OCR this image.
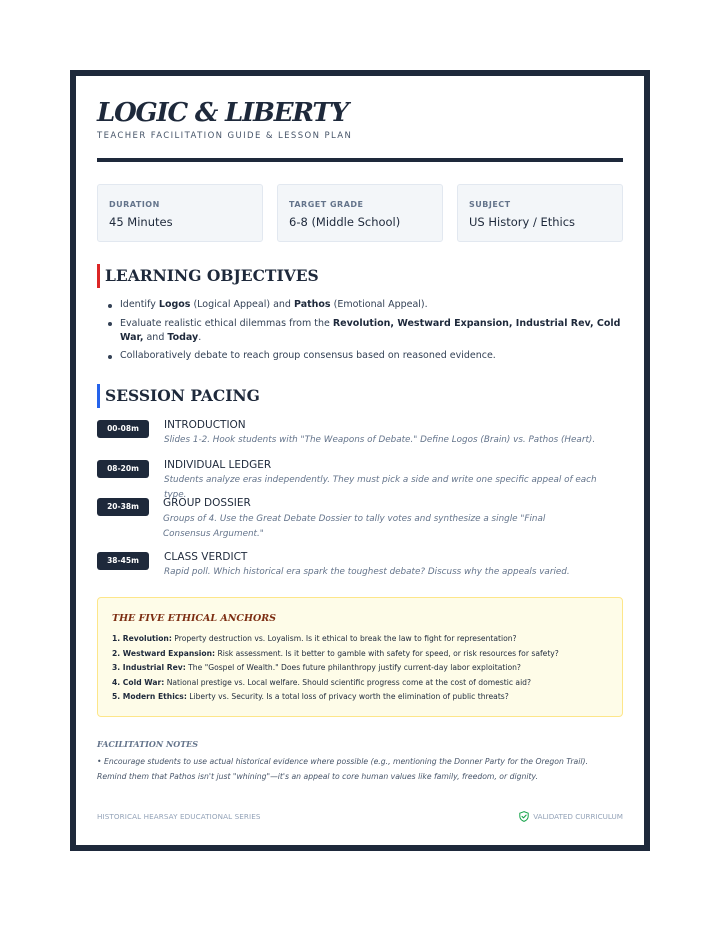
LOGIC & LIBERTY
TEACHER FACILITATION GUIDE & LESSON PLAN
DURATION
45 Minutes
TARGET GRADE
6-8 (Middle School)
SUBJECT
US History / Ethics
LEARNING OBJECTIVES
Identify Logos (Logical Appeal) and Pathos (Emotional Appeal).
Evaluate realistic ethical dilemmas from the Revolution, Westward Expansion, Industrial Rev, Cold War, and Today.
Collaboratively debate to reach group consensus based on reasoned evidence.
SESSION PACING
00-08m	INTRODUCTION
Slides 1-2. Hook students with "The Weapons of Debate." Define Logos (Brain) vs. Pathos (Heart).
08-20m	INDIVIDUAL LEDGER
Students analyze eras independently. They must pick a side and write one specific appeal of each type.
20-38m	GROUP DOSSIER
Groups of 4. Use the Great Debate Dossier to tally votes and synthesize a single "Final Consensus Argument."
38-45m	CLASS VERDICT
Rapid poll. Which historical era spark the toughest debate? Discuss why the appeals varied.
THE FIVE ETHICAL ANCHORS
1. Revolution: Property destruction vs. Loyalism. Is it ethical to break the law to fight for representation?
2. Westward Expansion: Risk assessment. Is it better to gamble with safety for speed, or risk resources for safety?
3. Industrial Rev: The "Gospel of Wealth." Does future philanthropy justify current-day labor exploitation?
4. Cold War: National prestige vs. Local welfare. Should scientific progress come at the cost of domestic aid?
5. Modern Ethics: Liberty vs. Security. Is a total loss of privacy worth the elimination of public threats?
FACILITATION NOTES
• Encourage students to use actual historical evidence where possible (e.g., mentioning the Donner Party for the Oregon Trail). Remind them that Pathos isn't just "whining"—it's an appeal to core human values like family, freedom, or dignity.
HISTORICAL HEARSAY EDUCATIONAL SERIES	VALIDATED CURRICULUM
